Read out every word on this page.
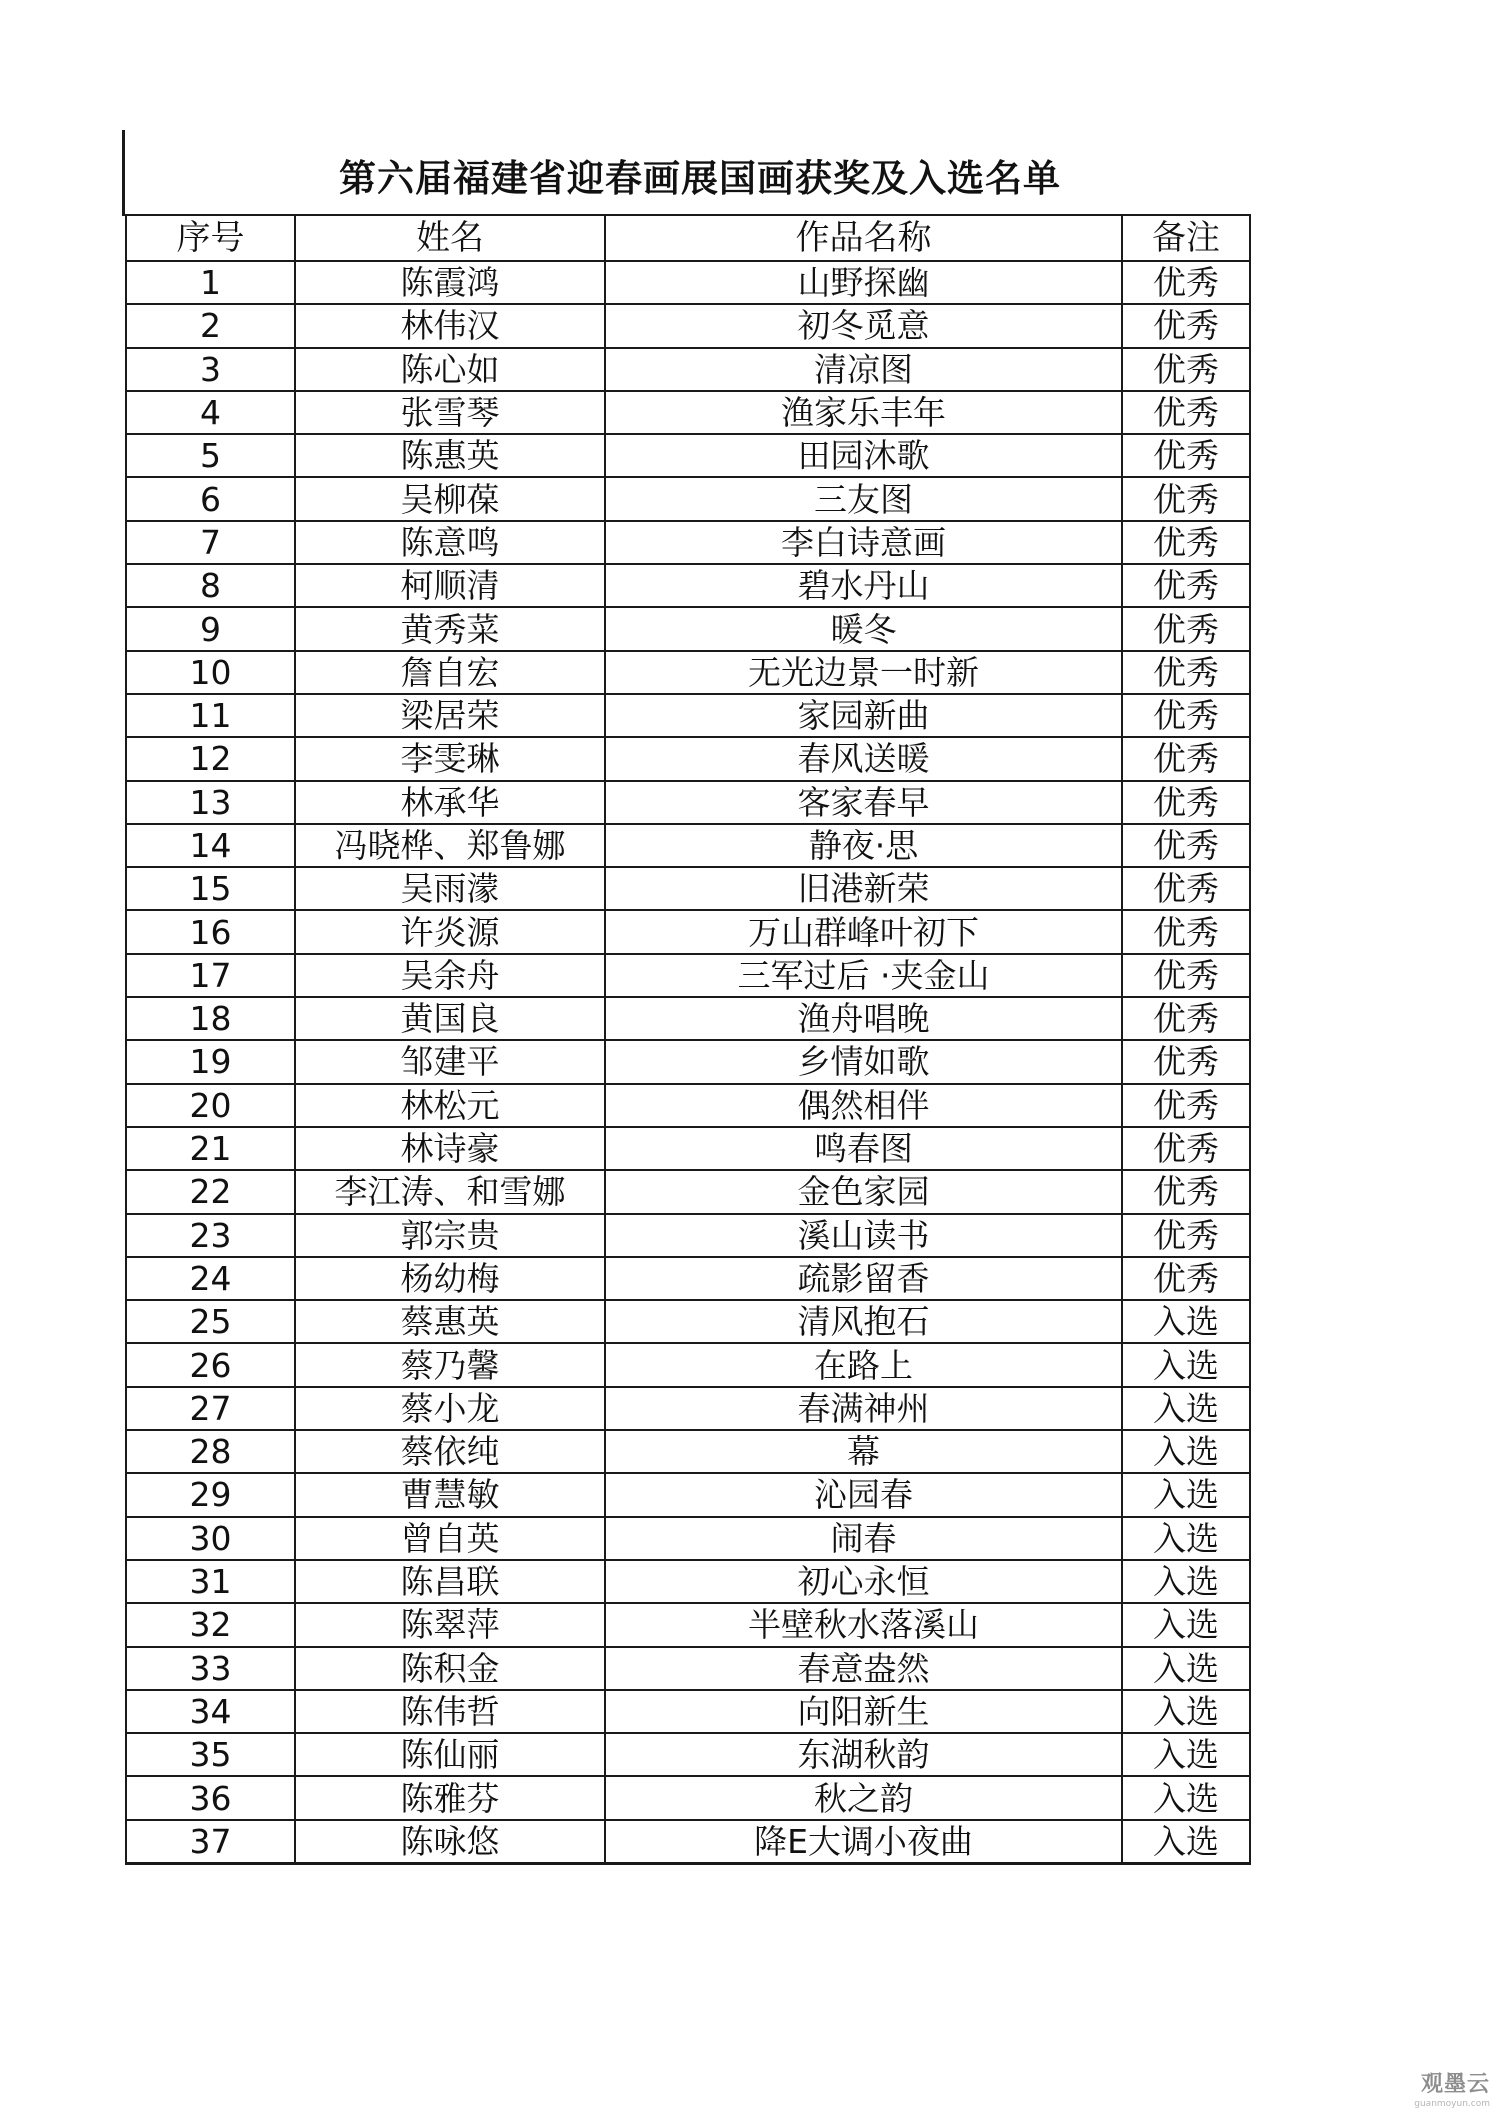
第六届福建省迎春画展国画获奖及入选名单
序号	姓名	作品名称	备注
1	陈霞鸿	山野探幽	优秀
2	林伟汉	初冬觅意	优秀
3	陈心如	清凉图	优秀
4	张雪琴	渔家乐丰年	优秀
5	陈惠英	田园沐歌	优秀
6	吴柳葆	三友图	优秀
7	陈意鸣	李白诗意画	优秀
8	柯顺清	碧水丹山	优秀
9	黄秀菜	暖冬	优秀
10	詹自宏	无光边景一时新	优秀
11	梁居荣	家园新曲	优秀
12	李雯琳	春风送暖	优秀
13	林承华	客家春早	优秀
14	冯晓桦、郑鲁娜	静夜·思	优秀
15	吴雨濛	旧港新荣	优秀
16	许炎源	万山群峰叶初下	优秀
17	吴余舟	三军过后 ·夹金山	优秀
18	黄国良	渔舟唱晚	优秀
19	邹建平	乡情如歌	优秀
20	林松元	偶然相伴	优秀
21	林诗豪	鸣春图	优秀
22	李江涛、和雪娜	金色家园	优秀
23	郭宗贵	溪山读书	优秀
24	杨幼梅	疏影留香	优秀
25	蔡惠英	清风抱石	入选
26	蔡乃馨	在路上	入选
27	蔡小龙	春满神州	入选
28	蔡依纯	幕	入选
29	曹慧敏	沁园春	入选
30	曾自英	闹春	入选
31	陈昌联	初心永恒	入选
32	陈翠萍	半壁秋水落溪山	入选
33	陈积金	春意盎然	入选
34	陈伟哲	向阳新生	入选
35	陈仙丽	东湖秋韵	入选
36	陈雅芬	秋之韵	入选
37	陈咏悠	降E大调小夜曲	入选
观墨云
guanmoyun.com
